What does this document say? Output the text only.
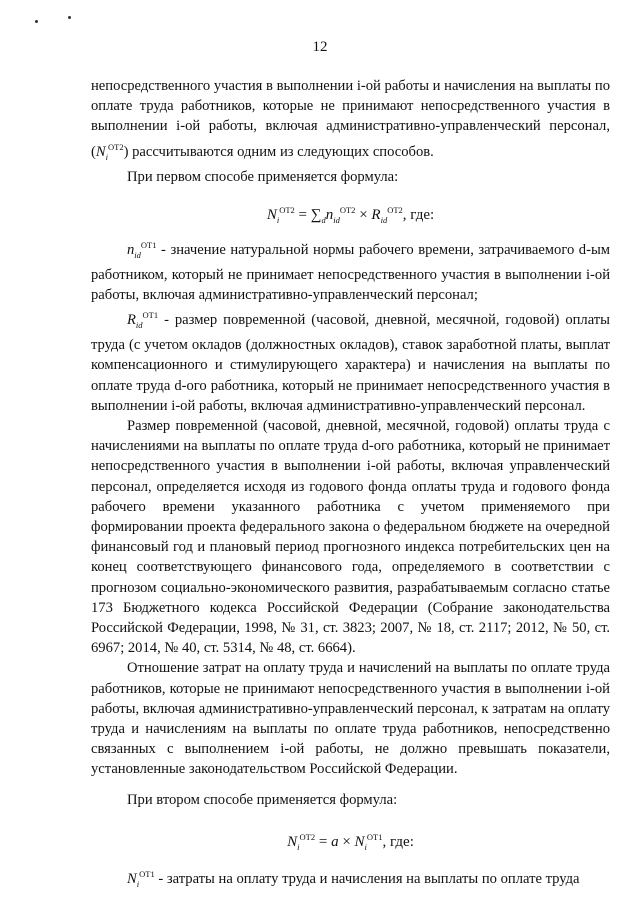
12

непосредственного участия в выполнении i-ой работы и начисления на выплаты по оплате труда работников, которые не принимают непосредственного участия в выполнении i-ой работы, включая административно-управленческий персонал, $(N_i^{ОТ2})$ рассчитываются одним из следующих способов.

При первом способе применяется формула:

$N_i^{ОТ2} = \sum_dn_{id}^{ОТ2} \times R_{id}^{ОТ2}$, где:

$n_{id}^{ОТ1}$ - значение натуральной нормы рабочего времени, затрачиваемого d-ым работником, который не принимает непосредственного участия в выполнении i-ой работы, включая административно-управленческий персонал;

$R_{id}^{ОТ1}$ - размер повременной (часовой, дневной, месячной, годовой) оплаты труда (с учетом окладов (должностных окладов), ставок заработной платы, выплат компенсационного и стимулирующего характера) и начисления на выплаты по оплате труда d-ого работника, который не принимает непосредственного участия в выполнении i-ой работы, включая административно-управленческий персонал.

Размер повременной (часовой, дневной, месячной, годовой) оплаты труда с начислениями на выплаты по оплате труда d-ого работника, который не принимает непосредственного участия в выполнении i-ой работы, включая управленческий персонал, определяется исходя из годового фонда оплаты труда и годового фонда рабочего времени указанного работника с учетом применяемого при формировании проекта федерального закона о федеральном бюджете на очередной финансовый год и плановый период прогнозного индекса потребительских цен на конец соответствующего финансового года, определяемого в соответствии с прогнозом социально-экономического развития, разрабатываемым согласно статье 173 Бюджетного кодекса Российской Федерации (Собрание законодательства Российской Федерации, 1998, № 31, ст. 3823; 2007, № 18, ст. 2117; 2012, № 50, ст. 6967; 2014, № 40, ст. 5314, № 48, ст. 6664).

Отношение затрат на оплату труда и начислений на выплаты по оплате труда работников, которые не принимают непосредственного участия в выполнении i-ой работы, включая административно-управленческий персонал, к затратам на оплату труда и начислениям на выплаты по оплате труда работников, непосредственно связанных с выполнением i-ой работы, не должно превышать показатели, установленные законодательством Российской Федерации.

При втором способе применяется формула:

$N_i^{ОТ2} = a \times N_i^{ОТ1}$, где:

$N_i^{ОТ1}$ - затраты на оплату труда и начисления на выплаты по оплате труда
